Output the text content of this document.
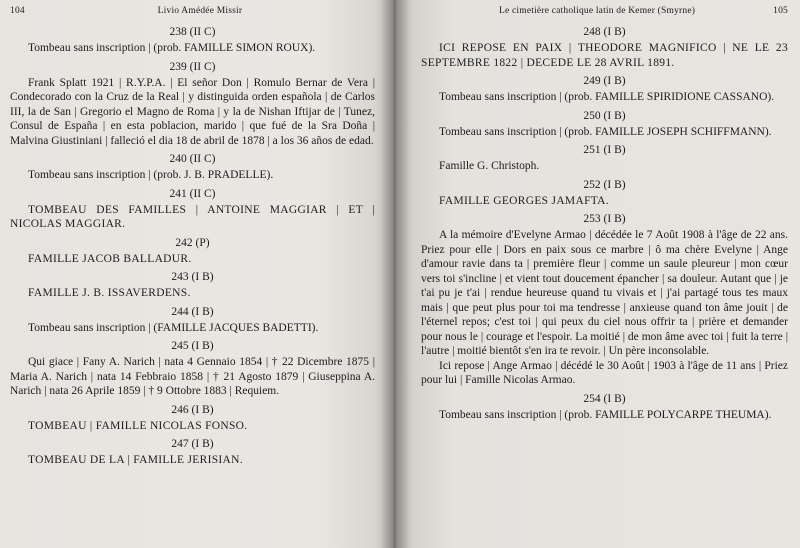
104	Livio Amédée Missir
238 (II C)
Tombeau sans inscription | (prob. FAMILLE SIMON ROUX).
239 (II C)
Frank Splatt 1921 | R.Y.P.A. | El señor Don | Romulo Bernar de Vera | Condecorado con la Cruz de la Real | y distinguida orden española | de Carlos III, la de San | Gregorio el Magno de Roma | y la de Nishan Iftijar de | Tunez, Consul de España | en esta poblacion, marido | que fué de la Sra Doña | Malvina Giustiniani | falleció el dia 18 de abril de 1878 | a los 36 años de edad.
240 (II C)
Tombeau sans inscription | (prob. J. B. PRADELLE).
241 (II C)
TOMBEAU DES FAMILLES | ANTOINE MAGGIAR | ET | NICOLAS MAGGIAR.
242 (P)
FAMILLE JACOB BALLADUR.
243 (I B)
FAMILLE J. B. ISSAVERDENS.
244 (I B)
Tombeau sans inscription | (FAMILLE JACQUES BADETTI).
245 (I B)
Qui giace | Fany A. Narich | nata 4 Gennaio 1854 | † 22 Dicembre 1875 | Maria A. Narich | nata 14 Febbraio 1858 | † 21 Agosto 1879 | Giuseppina A. Narich | nata 26 Aprile 1859 | † 9 Ottobre 1883 | Requiem.
246 (I B)
TOMBEAU | FAMILLE NICOLAS FONSO.
247 (I B)
TOMBEAU DE LA | FAMILLE JERISIAN.
Le cimetière catholique latin de Kemer (Smyrne)	105
248 (I B)
ICI REPOSE EN PAIX | THEODORE MAGNIFICO | NE LE 23 SEPTEMBRE 1822 | DECEDE LE 28 AVRIL 1891.
249 (I B)
Tombeau sans inscription | (prob. FAMILLE SPIRIDIONE CASSANO).
250 (I B)
Tombeau sans inscription | (prob. FAMILLE JOSEPH SCHIFFMANN).
251 (I B)
Famille G. Christoph.
252 (I B)
FAMILLE GEORGES JAMAFTA.
253 (I B)
A la mémoire d'Evelyne Armao | décédée le 7 Août 1908 à l'âge de 22 ans. Priez pour elle | Dors en paix sous ce marbre | ô ma chère Evelyne | Ange d'amour ravie dans ta | première fleur | comme un saule pleureur | mon cœur vers toi s'incline | et vient tout doucement épancher | sa douleur. Autant que | je t'ai pu je t'ai | rendue heureuse quand tu vivais et | j'ai partagé tous tes maux mais | que peut plus pour toi ma tendresse | anxieuse quand ton âme jouit | de l'éternel repos; c'est toi | qui peux du ciel nous offrir ta | prière et demander pour nous le | courage et l'espoir. La moitié | de mon âme avec toi | fuit la terre | l'autre | moitié bientôt s'en ira te revoir. | Un père inconsolable.
Ici repose | Ange Armao | décédé le 30 Août | 1903 à l'âge de 11 ans | Priez pour lui | Famille Nicolas Armao.
254 (I B)
Tombeau sans inscription | (prob. FAMILLE POLYCARPE THEUMA).
